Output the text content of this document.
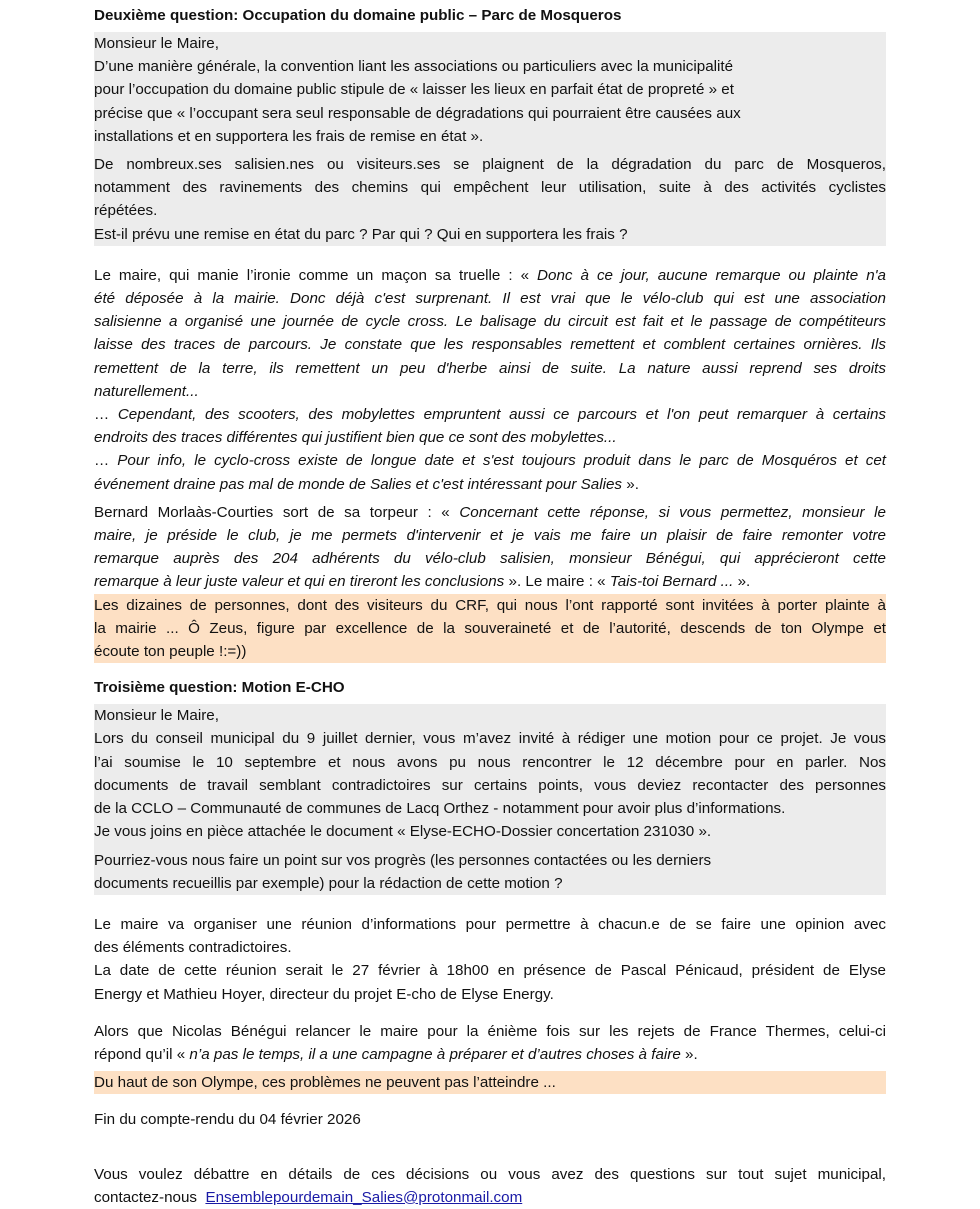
Deuxième question: Occupation du domaine public – Parc de Mosqueros
Monsieur le Maire,
D’une manière générale, la convention liant les associations ou particuliers avec la municipalité
pour l’occupation du domaine public stipule de « laisser les lieux en parfait état de propreté » et
précise que « l’occupant sera seul responsable de dégradations qui pourraient être causées aux
installations et en supportera les frais de remise en état ».
De nombreux.ses salisien.nes ou visiteurs.ses se plaignent de la dégradation du parc de Mosqueros,
notamment des ravinements des chemins qui empêchent leur utilisation, suite à des activités cyclistes
répétées.
Est-il prévu une remise en état du parc ? Par qui ? Qui en supportera les frais ?
Le maire, qui manie l’ironie comme un maçon sa truelle : « Donc à ce jour, aucune remarque ou plainte n'a
été déposée à la mairie. Donc déjà c'est surprenant. Il est vrai que le vélo-club qui est une association
salisienne a organisé une journée de cycle cross. Le balisage du circuit est fait et le passage de compétiteurs
laisse des traces de parcours. Je constate que les responsables remettent et comblent certaines ornières. Ils
remettent de la terre, ils remettent un peu d'herbe ainsi de suite. La nature aussi reprend ses droits
naturellement...
… Cependant, des scooters, des mobylettes empruntent aussi ce parcours et l'on peut remarquer à certains
endroits des traces différentes qui justifient bien que ce sont des mobylettes...
… Pour info, le cyclo-cross existe de longue date et s'est toujours produit dans le parc de Mosquéros et cet
événement draine pas mal de monde de Salies et c'est intéressant pour Salies ».
Bernard Morlaàs-Courties sort de sa torpeur : « Concernant cette réponse, si vous permettez, monsieur le
maire, je préside le club, je me permets d'intervenir et je vais me faire un plaisir de faire remonter votre
remarque auprès des 204 adhérents du vélo-club salisien, monsieur Bénégui, qui apprécieront cette
remarque à leur juste valeur et qui en tireront les conclusions ». Le maire : « Tais-toi Bernard ... ».
Les dizaines de personnes, dont des visiteurs du CRF, qui nous l’ont rapporté sont invitées à porter plainte à
la mairie ... Ô Zeus, figure par excellence de la souveraineté et de l’autorité, descends de ton Olympe et
écoute ton peuple !:=))
Troisième question: Motion E-CHO
Monsieur le Maire,
Lors du conseil municipal du 9 juillet dernier, vous m’avez invité à rédiger une motion pour ce projet. Je vous
l’ai soumise le 10 septembre et nous avons pu nous rencontrer le 12 décembre pour en parler. Nos
documents de travail semblant contradictoires sur certains points, vous deviez recontacter des personnes
de la CCLO – Communauté de communes de Lacq Orthez - notamment pour avoir plus d’informations.
Je vous joins en pièce attachée le document « Elyse-ECHO-Dossier concertation 231030 ».
Pourriez-vous nous faire un point sur vos progrès (les personnes contactées ou les derniers
documents recueillis par exemple) pour la rédaction de cette motion ?
Le maire va organiser une réunion d’informations pour permettre à chacun.e de se faire une opinion avec
des éléments contradictoires.
La date de cette réunion serait le 27 février à 18h00 en présence de Pascal Pénicaud, président de Elyse
Energy et Mathieu Hoyer, directeur du projet E-cho de Elyse Energy.
Alors que Nicolas Bénégui relancer le maire pour la énième fois sur les rejets de France Thermes, celui-ci
répond qu’il « n’a pas le temps, il a une campagne à préparer et d’autres choses à faire ».
Du haut de son Olympe, ces problèmes ne peuvent pas l’atteindre ...
Fin du compte-rendu du 04 février 2026
Vous voulez débattre en détails de ces décisions ou vous avez des questions sur tout sujet municipal,
contactez-nous  Ensemblepourdemain_Salies@protonmail.com
